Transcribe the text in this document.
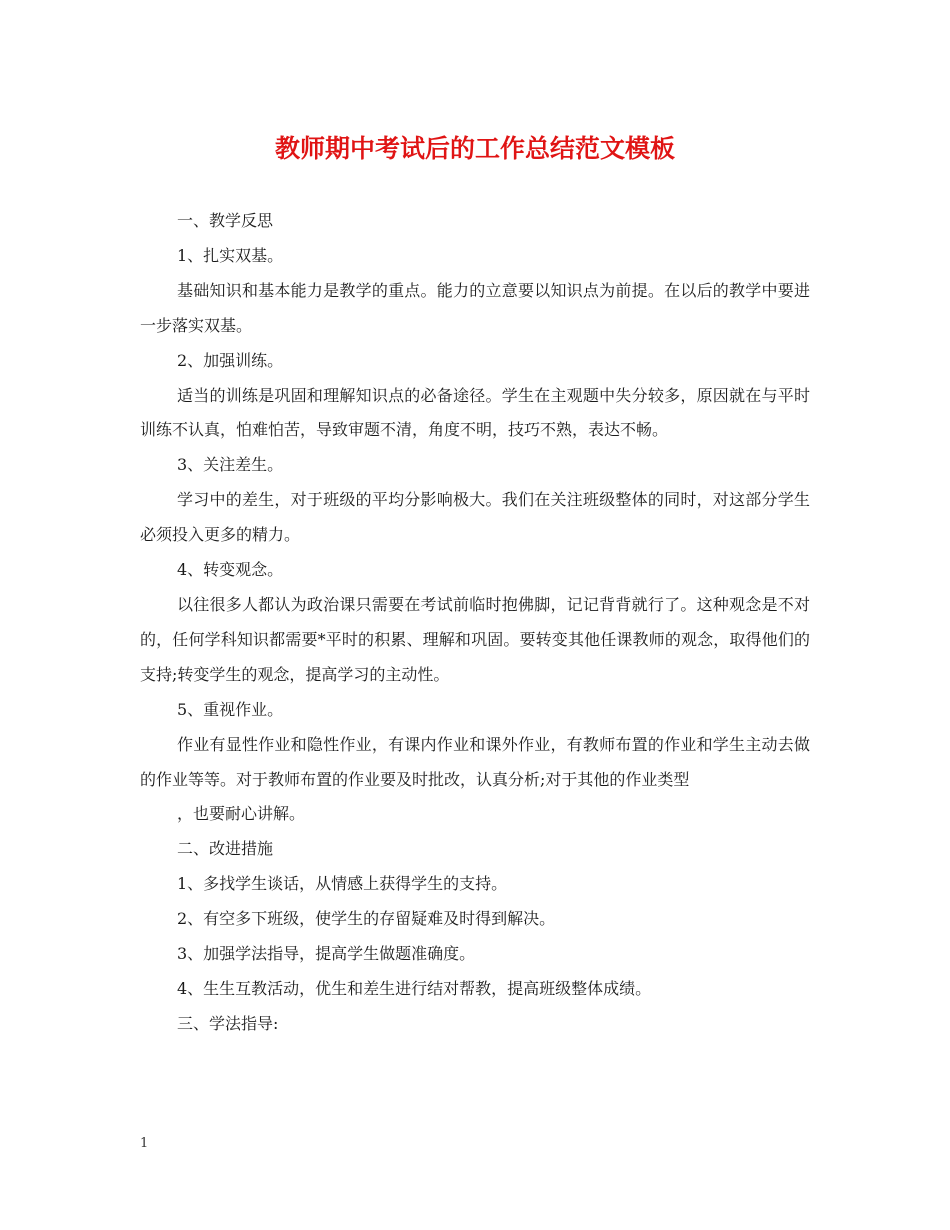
教师期中考试后的工作总结范文模板

一、教学反思

1、扎实双基。

基础知识和基本能力是教学的重点。能力的立意要以知识点为前提。在以后的教学中要进一步落实双基。

2、加强训练。

适当的训练是巩固和理解知识点的必备途径。学生在主观题中失分较多，原因就在与平时训练不认真，怕难怕苦，导致审题不清，角度不明，技巧不熟，表达不畅。

3、关注差生。

学习中的差生，对于班级的平均分影响极大。我们在关注班级整体的同时，对这部分学生必须投入更多的精力。

4、转变观念。

以往很多人都认为政治课只需要在考试前临时抱佛脚，记记背背就行了。这种观念是不对的，任何学科知识都需要*平时的积累、理解和巩固。要转变其他任课教师的观念，取得他们的支持;转变学生的观念，提高学习的主动性。

5、重视作业。

作业有显性作业和隐性作业，有课内作业和课外作业，有教师布置的作业和学生主动去做的作业等等。对于教师布置的作业要及时批改，认真分析;对于其他的作业类型

，也要耐心讲解。

二、改进措施

1、多找学生谈话，从情感上获得学生的支持。

2、有空多下班级，使学生的存留疑难及时得到解决。

3、加强学法指导，提高学生做题准确度。

4、生生互教活动，优生和差生进行结对帮教，提高班级整体成绩。

三、学法指导:

1
